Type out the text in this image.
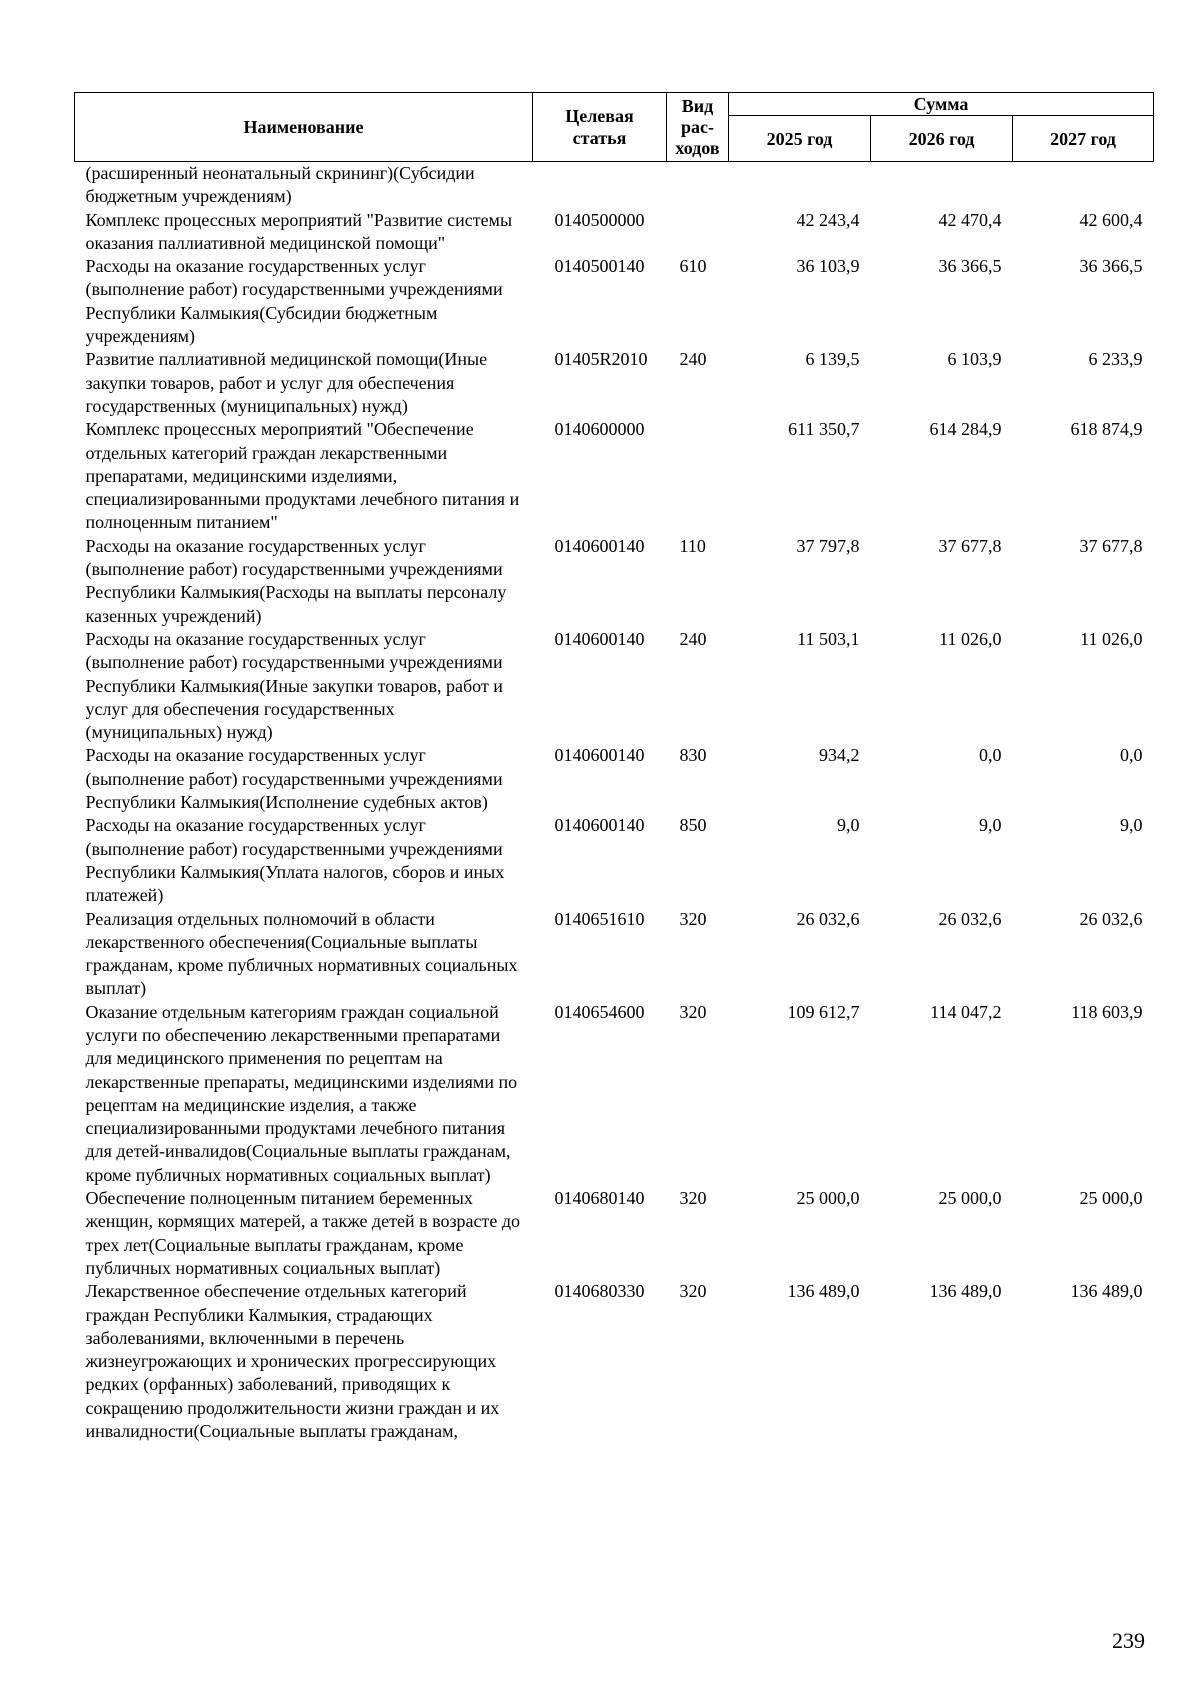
Наименование	Целевая статья	Вид рас-ходов	Сумма		
			2025 год	2026 год	2027 год
(расширенный неонатальный скрининг)(Субсидии бюджетным учреждениям)					
Комплекс процессных мероприятий "Развитие системы оказания паллиативной медицинской помощи"	0140500000		42 243,4	42 470,4	42 600,4
Расходы на оказание государственных услуг (выполнение работ) государственными учреждениями Республики Калмыкия(Субсидии бюджетным учреждениям)	0140500140	610	36 103,9	36 366,5	36 366,5
Развитие паллиативной медицинской помощи(Иные закупки товаров, работ и услуг для обеспечения государственных (муниципальных) нужд)	01405R2010	240	6 139,5	6 103,9	6 233,9
Комплекс процессных мероприятий "Обеспечение отдельных категорий граждан лекарственными препаратами, медицинскими изделиями, специализированными продуктами лечебного питания и полноценным питанием"	0140600000		611 350,7	614 284,9	618 874,9
Расходы на оказание государственных услуг (выполнение работ) государственными учреждениями Республики Калмыкия(Расходы на выплаты персоналу казенных учреждений)	0140600140	110	37 797,8	37 677,8	37 677,8
Расходы на оказание государственных услуг (выполнение работ) государственными учреждениями Республики Калмыкия(Иные закупки товаров, работ и услуг для обеспечения государственных (муниципальных) нужд)	0140600140	240	11 503,1	11 026,0	11 026,0
Расходы на оказание государственных услуг (выполнение работ) государственными учреждениями Республики Калмыкия(Исполнение судебных актов)	0140600140	830	934,2	0,0	0,0
Расходы на оказание государственных услуг (выполнение работ) государственными учреждениями Республики Калмыкия(Уплата налогов, сборов и иных платежей)	0140600140	850	9,0	9,0	9,0
Реализация отдельных полномочий в области лекарственного обеспечения(Социальные выплаты гражданам, кроме публичных нормативных социальных выплат)	0140651610	320	26 032,6	26 032,6	26 032,6
Оказание отдельным категориям граждан социальной услуги по обеспечению лекарственными препаратами для медицинского применения по рецептам на лекарственные препараты, медицинскими изделиями по рецептам на медицинские изделия, а также специализированными продуктами лечебного питания для детей-инвалидов(Социальные выплаты гражданам, кроме публичных нормативных социальных выплат)	0140654600	320	109 612,7	114 047,2	118 603,9
Обеспечение полноценным питанием беременных женщин, кормящих матерей, а также детей в возрасте до трех лет(Социальные выплаты гражданам, кроме публичных нормативных социальных выплат)	0140680140	320	25 000,0	25 000,0	25 000,0
Лекарственное обеспечение отдельных категорий граждан Республики Калмыкия, страдающих заболеваниями, включенными в перечень жизнеугрожающих и хронических прогрессирующих редких (орфанных) заболеваний, приводящих к сокращению продолжительности жизни граждан и их инвалидности(Социальные выплаты гражданам,	0140680330	320	136 489,0	136 489,0	136 489,0
239
